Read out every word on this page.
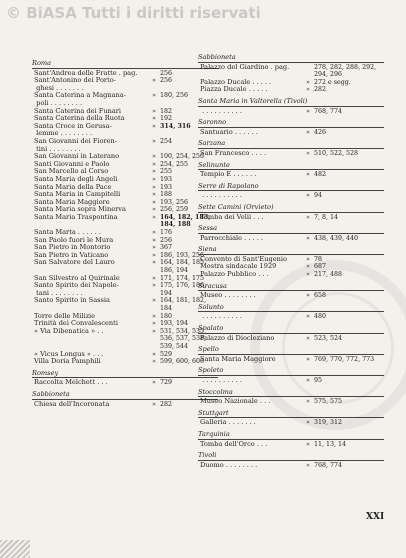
© BiASA Tutti i diritti riservati
Roma
Sant'Andrea delle Fratte . pag.	256
Sant'Antonino dei Porto-
ghesi . . . . . . .
» 256
Santa Caterina a Magnana-
poli . . . . . . . .
» 180, 256
Santa Caterina dei Funari	» 182
Santa Caterina della Ruota	» 192
Santa Croce in Gerusa-
lemme . . . . . . . .
» 314, 316
San Giovanni dei Fioren-
tini . . . . . . . .
» 254
San Giovanni in Laterano	» 100, 254, 256
Santi Giovanni e Paolo	» 254, 255
San Marcello al Corso	» 255
Santa Maria degli Angeli	» 193
Santa Maria della Pace	» 193
Santa Maria in Campitelli	» 188
Santa Maria Maggiore	» 193, 256
Santa Maria sopra Minerva	» 256, 259
Santa Maria Traspontina	» 164, 182, 183, 184, 188
Santa Marta . . . . . .	» 176
San Paolo fuori le Mura	» 256
San Pietro in Montorio	» 367
San Pietro in Vaticano	» 186, 193, 256
San Salvatore del Lauro	» 164, 184, 185, 186, 194
San Silvestro al Quirinale	» 171, 174, 175
Santo Spirito dei Napole-
tani . . . . . . . .
» 175, 176, 186, 194
Santo Spirito in Sassia	» 164, 181, 182, 184
Torre delle Milizie	» 180
Trinità dei Convalescenti	» 193, 194
« Via Dibenatica » . .	» 531, 534, 535, 536, 537, 538, 539, 544
« Vicus Longus » . . .	» 529
Villa Doria Pamphili	» 599, 600, 606
Romsey
Raccolta Melchett . . .	» 729
Sabbioneta
Chiesa dell'Incoronata	» 282
Sabbioneta
Palazzo del Giardino . pag.	278, 282, 288, 292, 294, 296
Palazzo Ducale . . . . .	» 272 e segg.
Piazza Ducale . . . . .	» 282
Santa Maria in Valtorella (Tivoli)
. . . . . . . . . .	» 768, 774
Saronno
Santuario . . . . . .	» 426
Sarzana
San Francesco . . . .	» 510, 522, 528
Selinunte
Tempio E . . . . . .	» 482
Serre di Rapolano
. . . . . . . . . .	» 94
Sette Camini (Orvieto)
Tomba dei Velii . . .	» 7, 8, 14
Sessa
Parrocchiale . . . . .	» 438, 439, 440
Siena
Convento di Sant'Eugenio	» 78
Mostra sindacale 1929	» 687
Palazzo Pubblico . . .	» 217, 488
Siracusa
Museo . . . . . . . .	» 658
Solunto
. . . . . . . . . .	» 480
Spalato
Palazzo di Diocleziano	» 523, 524
Spello
Santa Maria Maggiore	» 769, 770, 772, 773
Spoleto
. . . . . . . . . .	» 95
Stoccolma
Museo Nazionale . . .	» 575, 575
Stuttgart
Galleria . . . . . . .	» 319, 312
Tarquinia
Tomba dell'Orco . . .	» 11, 13, 14
Tivoli
Duomo . . . . . . . .	» 768, 774
XXI
